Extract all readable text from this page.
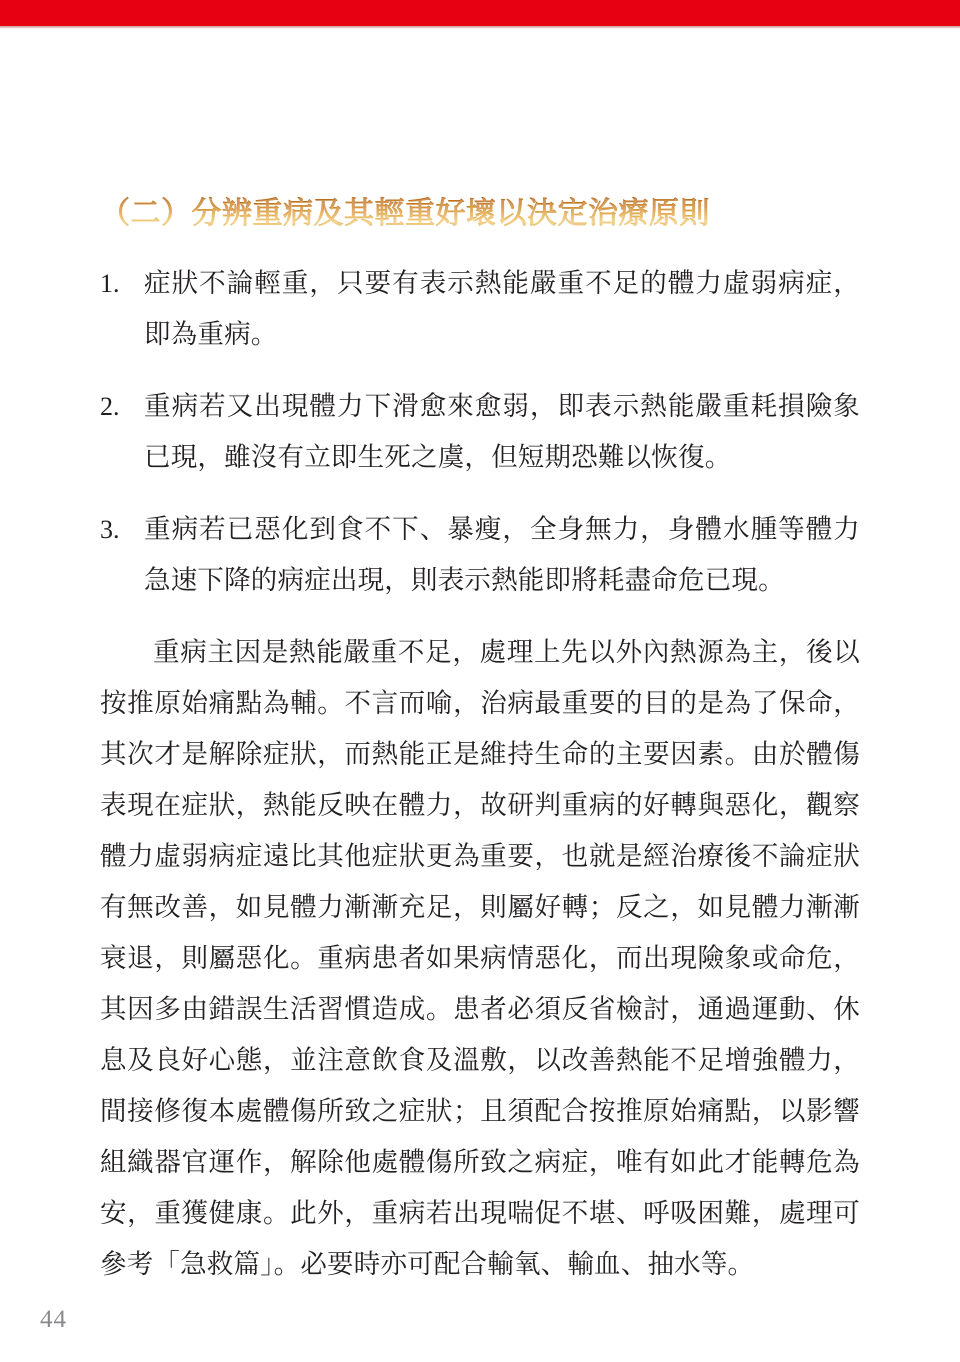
（二）分辨重病及其輕重好壞以決定治療原則
1. 症狀不論輕重，只要有表示熱能嚴重不足的體力虛弱病症，即為重病。
2. 重病若又出現體力下滑愈來愈弱，即表示熱能嚴重耗損險象已現，雖沒有立即生死之虞，但短期恐難以恢復。
3. 重病若已惡化到食不下、暴瘦，全身無力，身體水腫等體力急速下降的病症出現，則表示熱能即將耗盡命危已現。

重病主因是熱能嚴重不足，處理上先以外內熱源為主，後以按推原始痛點為輔。不言而喻，治病最重要的目的是為了保命，其次才是解除症狀，而熱能正是維持生命的主要因素。由於體傷表現在症狀，熱能反映在體力，故研判重病的好轉與惡化，觀察體力虛弱病症遠比其他症狀更為重要，也就是經治療後不論症狀有無改善，如見體力漸漸充足，則屬好轉；反之，如見體力漸漸衰退，則屬惡化。重病患者如果病情惡化，而出現險象或命危，其因多由錯誤生活習慣造成。患者必須反省檢討，通過運動、休息及良好心態，並注意飲食及溫敷，以改善熱能不足增強體力，間接修復本處體傷所致之症狀；且須配合按推原始痛點，以影響組織器官運作，解除他處體傷所致之病症，唯有如此才能轉危為安，重獲健康。此外，重病若出現喘促不堪、呼吸困難，處理可參考「急救篇」。必要時亦可配合輸氧、輸血、抽水等。

44
